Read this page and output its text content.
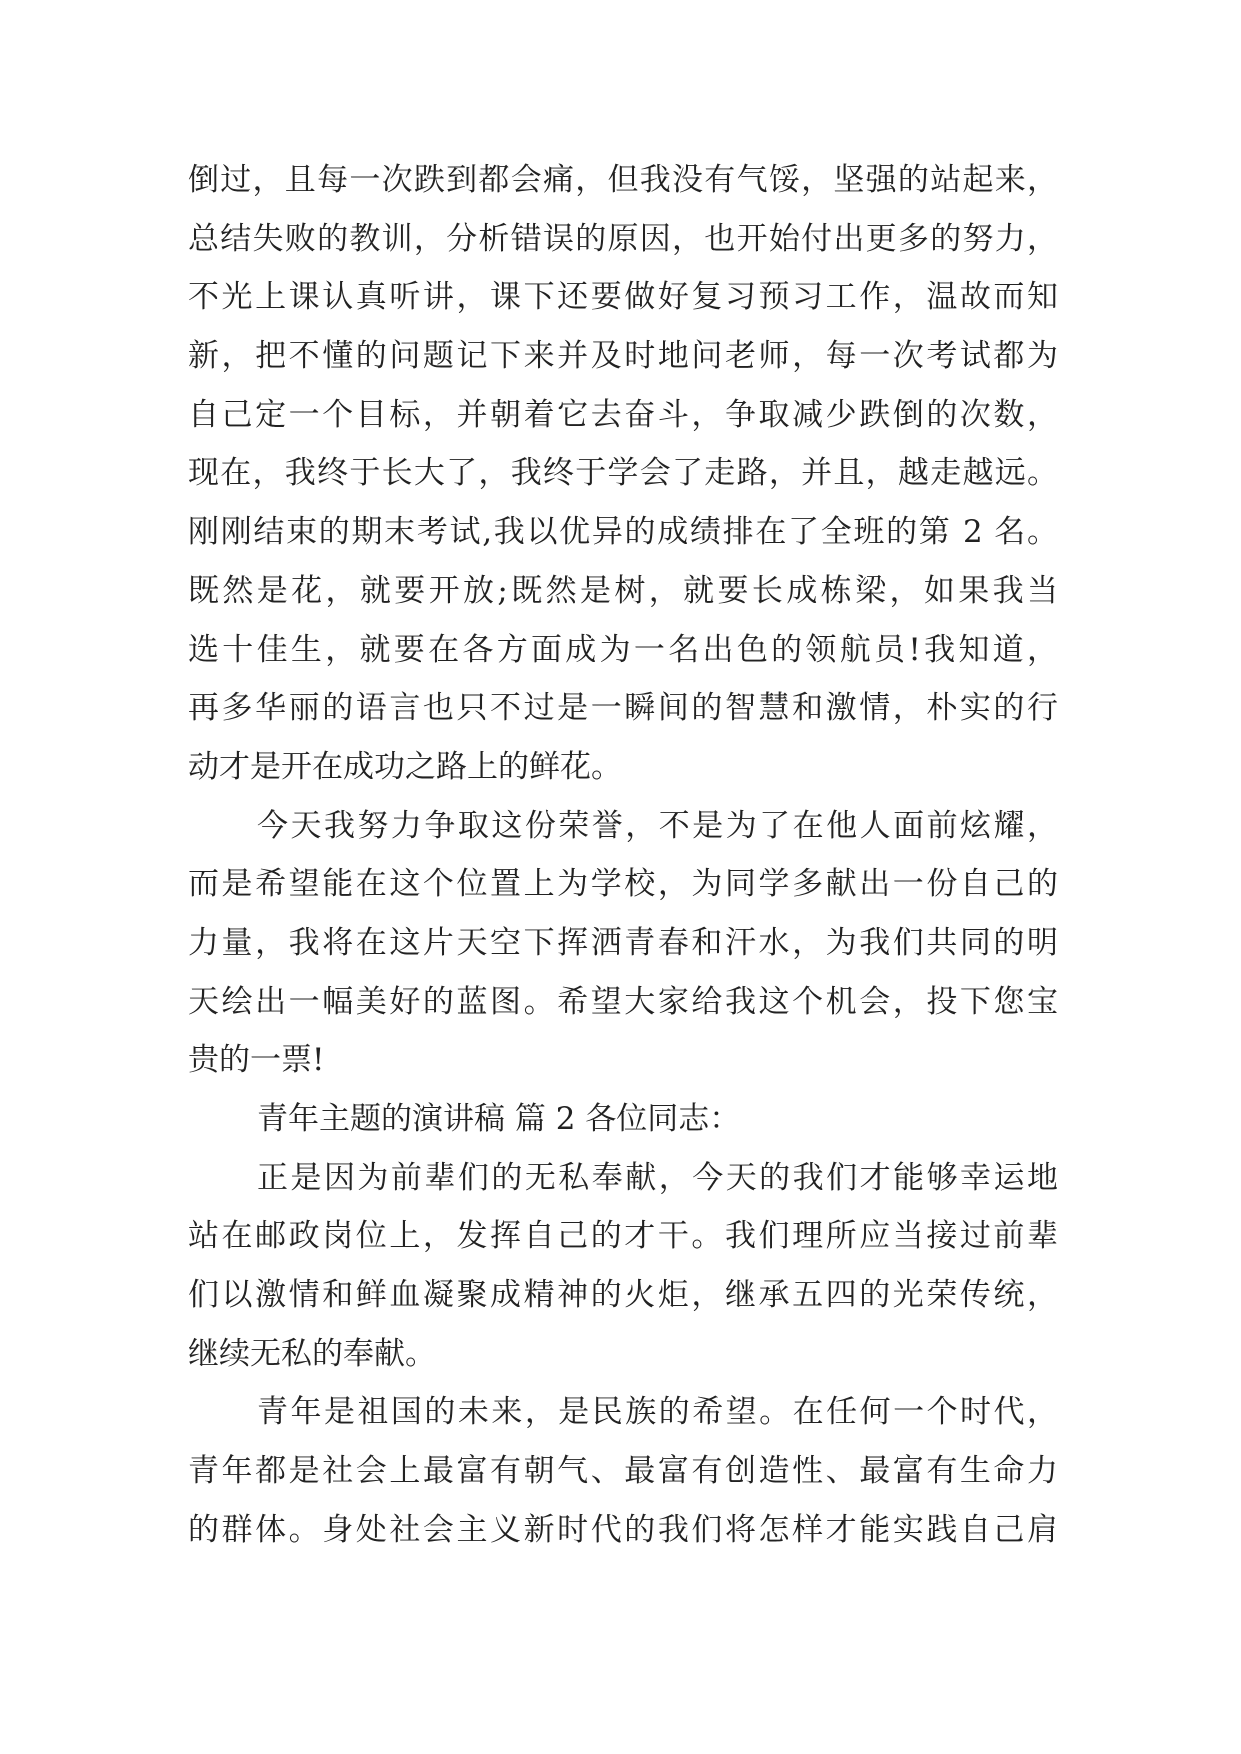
倒过，且每一次跌到都会痛，但我没有气馁，坚强的站起来，
总结失败的教训，分析错误的原因，也开始付出更多的努力，
不光上课认真听讲，课下还要做好复习预习工作，温故而知
新，把不懂的问题记下来并及时地问老师，每一次考试都为
自己定一个目标，并朝着它去奋斗，争取减少跌倒的次数，
现在，我终于长大了，我终于学会了走路，并且，越走越远。
刚刚结束的期末考试,我以优异的成绩排在了全班的第 2 名。
既然是花，就要开放;既然是树，就要长成栋梁，如果我当
选十佳生，就要在各方面成为一名出色的领航员!我知道，
再多华丽的语言也只不过是一瞬间的智慧和激情，朴实的行
动才是开在成功之路上的鲜花。
今天我努力争取这份荣誉，不是为了在他人面前炫耀，
而是希望能在这个位置上为学校，为同学多献出一份自己的
力量，我将在这片天空下挥洒青春和汗水，为我们共同的明
天绘出一幅美好的蓝图。希望大家给我这个机会，投下您宝
贵的一票!
青年主题的演讲稿 篇 2 各位同志：
正是因为前辈们的无私奉献，今天的我们才能够幸运地
站在邮政岗位上，发挥自己的才干。我们理所应当接过前辈
们以激情和鲜血凝聚成精神的火炬，继承五四的光荣传统，
继续无私的奉献。
青年是祖国的未来，是民族的希望。在任何一个时代，
青年都是社会上最富有朝气、最富有创造性、最富有生命力
的群体。身处社会主义新时代的我们将怎样才能实践自己肩
